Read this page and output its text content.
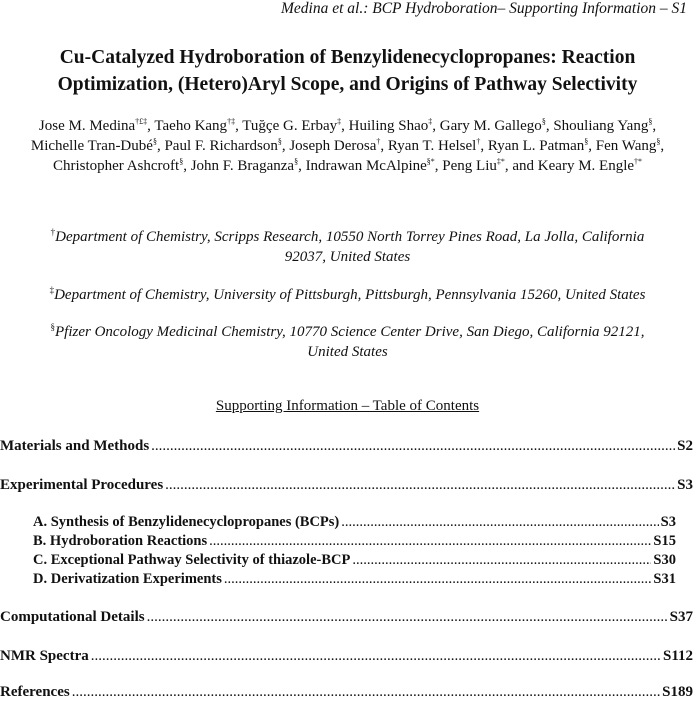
Medina et al.: BCP Hydroboration– Supporting Information – S1
Cu-Catalyzed Hydroboration of Benzylidenecyclopropanes: Reaction
Optimization, (Hetero)Aryl Scope, and Origins of Pathway Selectivity
Jose M. Medina†£‡, Taeho Kang†‡, Tuğçe G. Erbay‡, Huiling Shao‡, Gary M. Gallego§, Shouliang Yang§,
Michelle Tran-Dubé§, Paul F. Richardson§, Joseph Derosa†, Ryan T. Helsel†, Ryan L. Patman§, Fen Wang§,
Christopher Ashcroft§, John F. Braganza§, Indrawan McAlpine§*, Peng Liu‡*, and Keary M. Engle†*
†Department of Chemistry, Scripps Research, 10550 North Torrey Pines Road, La Jolla, California
92037, United States
‡Department of Chemistry, University of Pittsburgh, Pittsburgh, Pennsylvania 15260, United States
§Pfizer Oncology Medicinal Chemistry, 10770 Science Center Drive, San Diego, California 92121,
United States
Supporting Information – Table of Contents
Materials and Methods .....	S2
Experimental Procedures .....	S3
A. Synthesis of Benzylidenecyclopropanes (BCPs) .....	S3
B. Hydroboration Reactions .....	S15
C. Exceptional Pathway Selectivity of thiazole-BCP .....	S30
D. Derivatization Experiments .....	S31
Computational Details .....	S37
NMR Spectra .....	S112
References .....	S189
